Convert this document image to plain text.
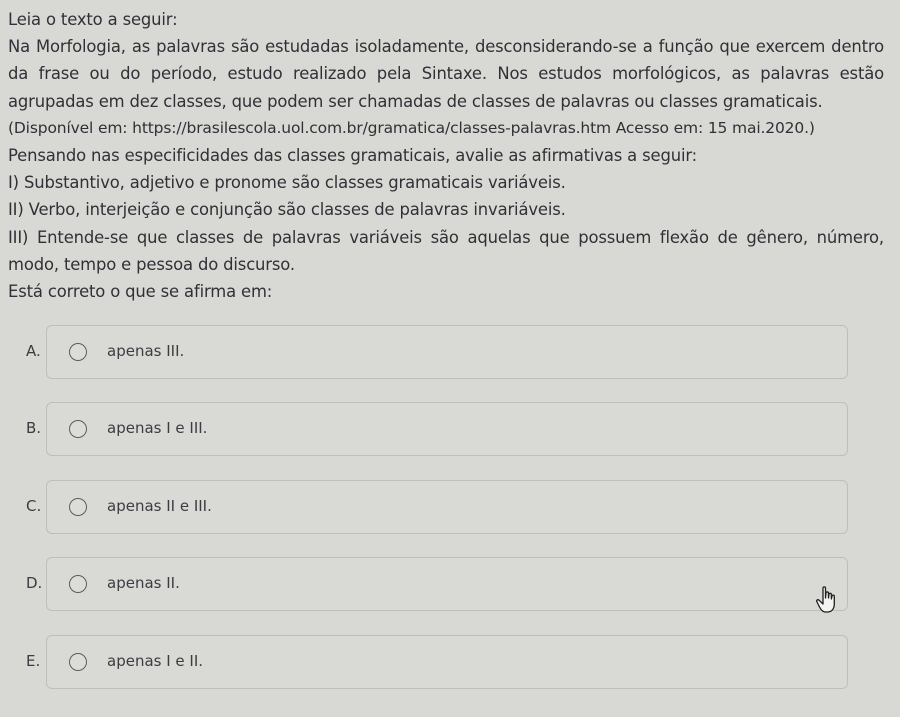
Leia o texto a seguir:
Na Morfologia, as palavras são estudadas isoladamente, desconsiderando-se a função que exercem dentro
da frase ou do período, estudo realizado pela Sintaxe. Nos estudos morfológicos, as palavras estão
agrupadas em dez classes, que podem ser chamadas de classes de palavras ou classes gramaticais.
(Disponível em: https://brasilescola.uol.com.br/gramatica/classes-palavras.htm Acesso em: 15 mai.2020.)
Pensando nas especificidades das classes gramaticais, avalie as afirmativas a seguir:
I) Substantivo, adjetivo e pronome são classes gramaticais variáveis.
II) Verbo, interjeição e conjunção são classes de palavras invariáveis.
III) Entende-se que classes de palavras variáveis são aquelas que possuem flexão de gênero, número,
modo, tempo e pessoa do discurso.
Está correto o que se afirma em:
A.	apenas III.
B.	apenas I e III.
C.	apenas II e III.
D.	apenas II.
E.	apenas I e II.
